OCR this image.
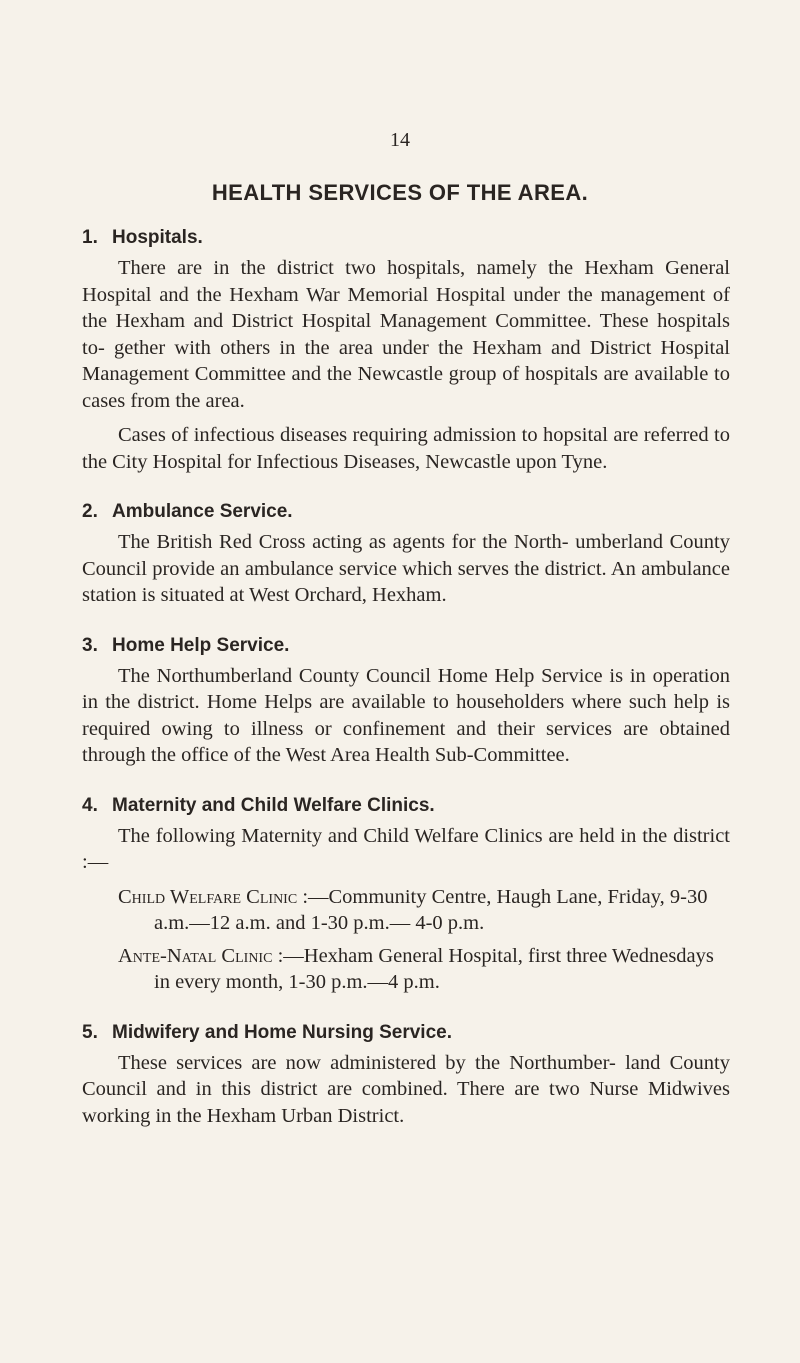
14
HEALTH SERVICES OF THE AREA.
1. Hospitals.

There are in the district two hospitals, namely the Hexham General Hospital and the Hexham War Memorial Hospital under the management of the Hexham and District Hospital Management Committee. These hospitals to- gether with others in the area under the Hexham and District Hospital Management Committee and the Newcastle group of hospitals are available to cases from the area.

Cases of infectious diseases requiring admission to hopsital are referred to the City Hospital for Infectious Diseases, Newcastle upon Tyne.

2. Ambulance Service.

The British Red Cross acting as agents for the North- umberland County Council provide an ambulance service which serves the district. An ambulance station is situated at West Orchard, Hexham.

3. Home Help Service.

The Northumberland County Council Home Help Service is in operation in the district. Home Helps are available to householders where such help is required owing to illness or confinement and their services are obtained through the office of the West Area Health Sub-Committee.

4. Maternity and Child Welfare Clinics.

The following Maternity and Child Welfare Clinics are held in the district :—

Child Welfare Clinic :—Community Centre, Haugh Lane, Friday, 9-30 a.m.—12 a.m. and 1-30 p.m.— 4-0 p.m.

Ante-Natal Clinic :—Hexham General Hospital, first three Wednesdays in every month, 1-30 p.m.—4 p.m.

5. Midwifery and Home Nursing Service.

These services are now administered by the Northumber- land County Council and in this district are combined. There are two Nurse Midwives working in the Hexham Urban District.
